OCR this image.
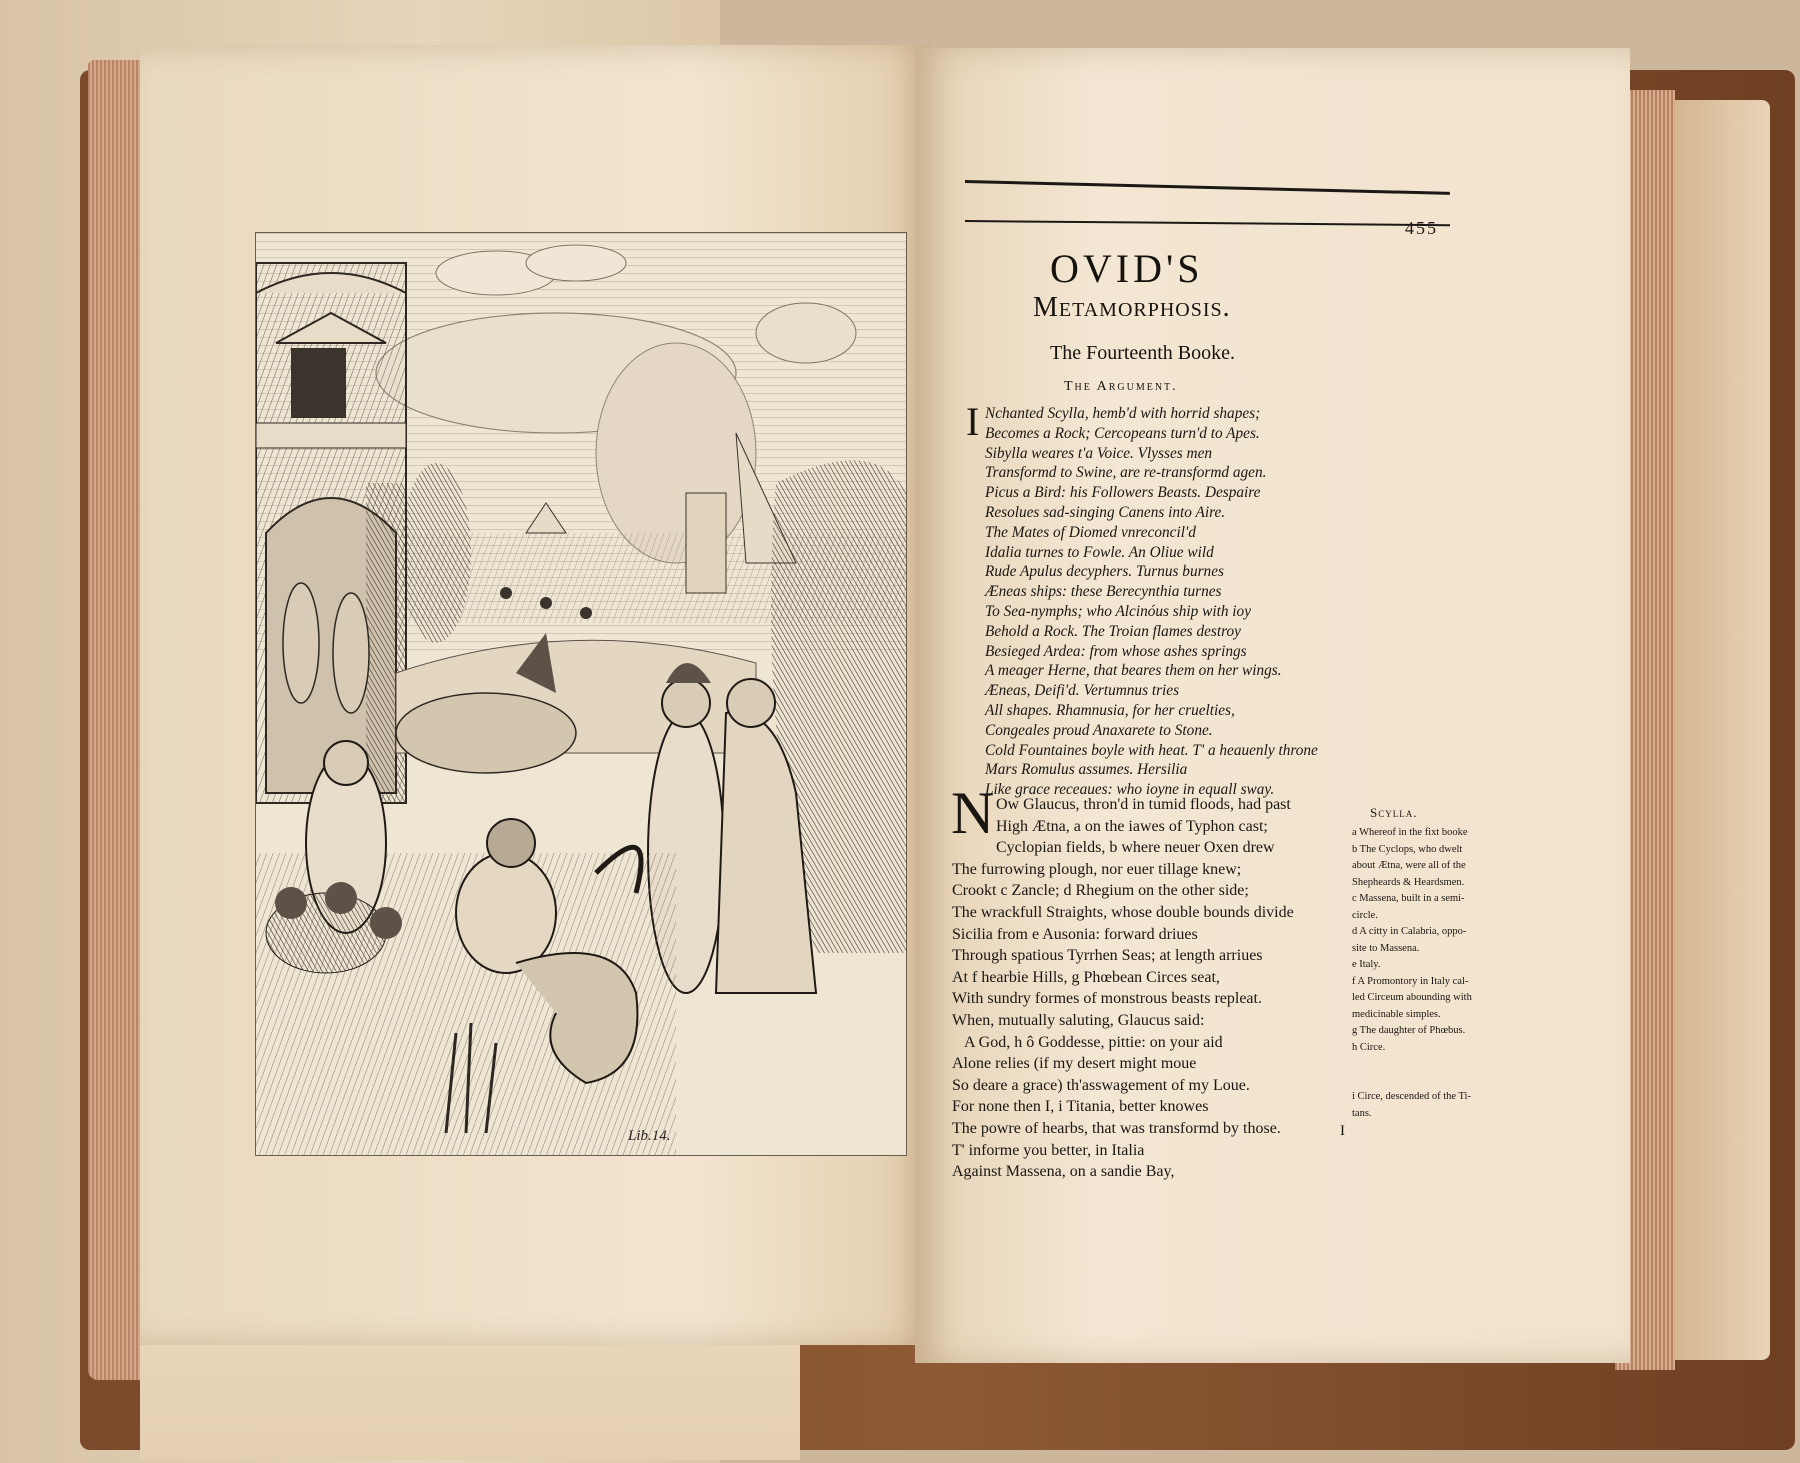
Lib.14.
455
OVID'S
Metamorphosis.
The Fourteenth Booke.
The Argument.
I Nchanted Scylla, hemb'd with horrid shapes;
Becomes a Rock; Cercopeans turn'd to Apes.
Sibylla weares t'a Voice. Vlysses men
Transformd to Swine, are re-transformd agen.
Picus a Bird: his Followers Beasts. Despaire
Resolues sad-singing Canens into Aire.
The Mates of Diomed vnreconcil'd
Idalia turnes to Fowle. An Oliue wild
Rude Apulus decyphers. Turnus burnes
Æneas ships: these Berecynthia turnes
To Sea-nymphs; who Alcinóus ship with ioy
Behold a Rock. The Troian flames destroy
Besieged Ardea: from whose ashes springs
A meager Herne, that beares them on her wings.
Æneas, Deifi'd. Vertumnus tries
All shapes. Rhamnusia, for her cruelties,
Congeales proud Anaxarete to Stone.
Cold Fountaines boyle with heat. T' a heauenly throne
Mars Romulus assumes. Hersilia
Like grace receaues: who ioyne in equall sway.
N Ow Glaucus, thron'd in tumid floods, had past
High Ætna, a on the iawes of Typhon cast;
Cyclopian fields, b where neuer Oxen drew
The furrowing plough, nor euer tillage knew;
Crookt c Zancle; d Rhegium on the other side;
The wrackfull Straights, whose double bounds divide
Sicilia from e Ausonia: forward driues
Through spatious Tyrrhen Seas; at length arriues
At f hearbie Hills, g Phœbean Circes seat,
With sundry formes of monstrous beasts repleat.
When, mutually saluting, Glaucus said:
A God, h ô Goddesse, pittie: on your aid
Alone relies (if my desert might moue
So deare a grace) th'asswagement of my Loue.
For none then I, i Titania, better knowes
The powre of hearbs, that was transformd by those.
T' informe you better, in Italia
Against Massena, on a sandie Bay,
Scylla.
a Whereof in the fixt booke
b The Cyclops, who dwelt
about Ætna, were all of the
Shepheards & Heardsmen.
c Massena, built in a semi-
circle.
d A citty in Calabria, oppo-
site to Massena.
e Italy.
f A Promontory in Italy cal-
led Circeum abounding with
medicinable simples.
g The daughter of Phœbus.
h Circe.
i Circe, descended of the Ti-
tans.
I
